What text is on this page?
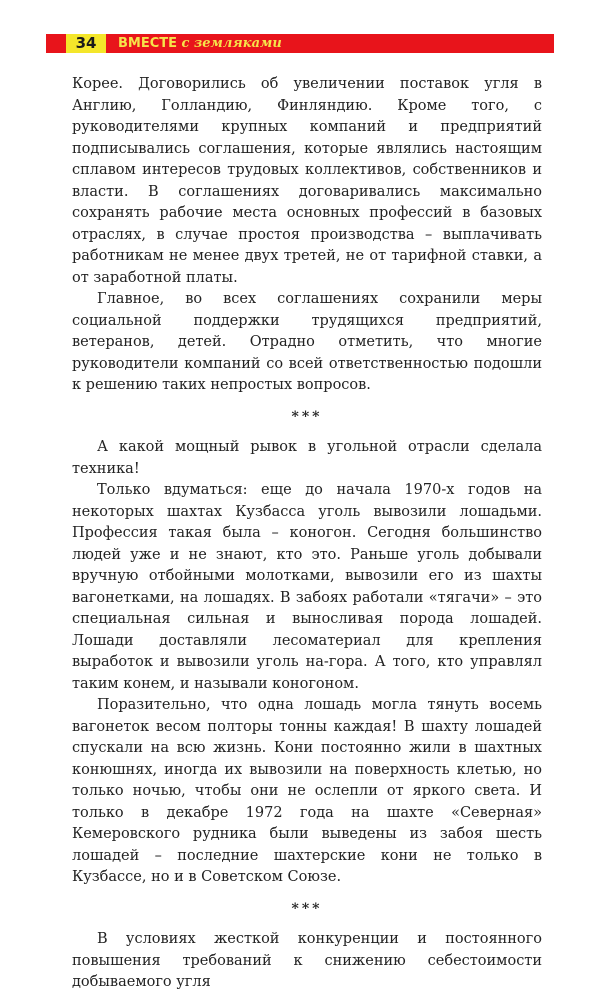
34	ВМЕСТЕ с земляками

Корее. Договорились об увеличении поставок угля в Англию, Голландию, Финляндию. Кроме того, с руководителями крупных компаний и предприятий подписывались соглашения, которые являлись настоящим сплавом интересов трудовых коллективов, собственников и власти. В соглашениях договаривались максимально сохранять рабочие места основных профессий в базовых отраслях, в случае простоя производства – выплачивать работникам не менее двух третей, не от тарифной ставки, а от заработной платы.

Главное, во всех соглашениях сохранили меры социальной поддержки трудящихся предприятий, ветеранов, детей. Отрадно отметить, что многие руководители компаний со всей ответственностью подошли к решению таких непростых вопросов.

***

А какой мощный рывок в угольной отрасли сделала техника!

Только вдуматься: еще до начала 1970-х годов на некоторых шахтах Кузбасса уголь вывозили лошадьми. Профессия такая была – коногон. Сегодня большинство людей уже и не знают, кто это. Раньше уголь добывали вручную отбойными молотками, вывозили его из шахты вагонетками, на лошадях. В забоях работали «тягачи» – это специальная сильная и выносливая порода лошадей. Лошади доставляли лесоматериал для крепления выработок и вывозили уголь на-гора. А того, кто управлял таким конем, и называли коногоном.

Поразительно, что одна лошадь могла тянуть восемь вагонеток весом полторы тонны каждая! В шахту лошадей спускали на всю жизнь. Кони постоянно жили в шахтных конюшнях, иногда их вывозили на поверхность клетью, но только ночью, чтобы они не ослепли от яркого света. И только в декабре 1972 года на шахте «Северная» Кемеровского рудника были выведены из забоя шесть лошадей – последние шахтерские кони не только в Кузбассе, но и в Советском Союзе.

***

В условиях жесткой конкуренции и постоянного повышения требований к снижению себестоимости добываемого угля
